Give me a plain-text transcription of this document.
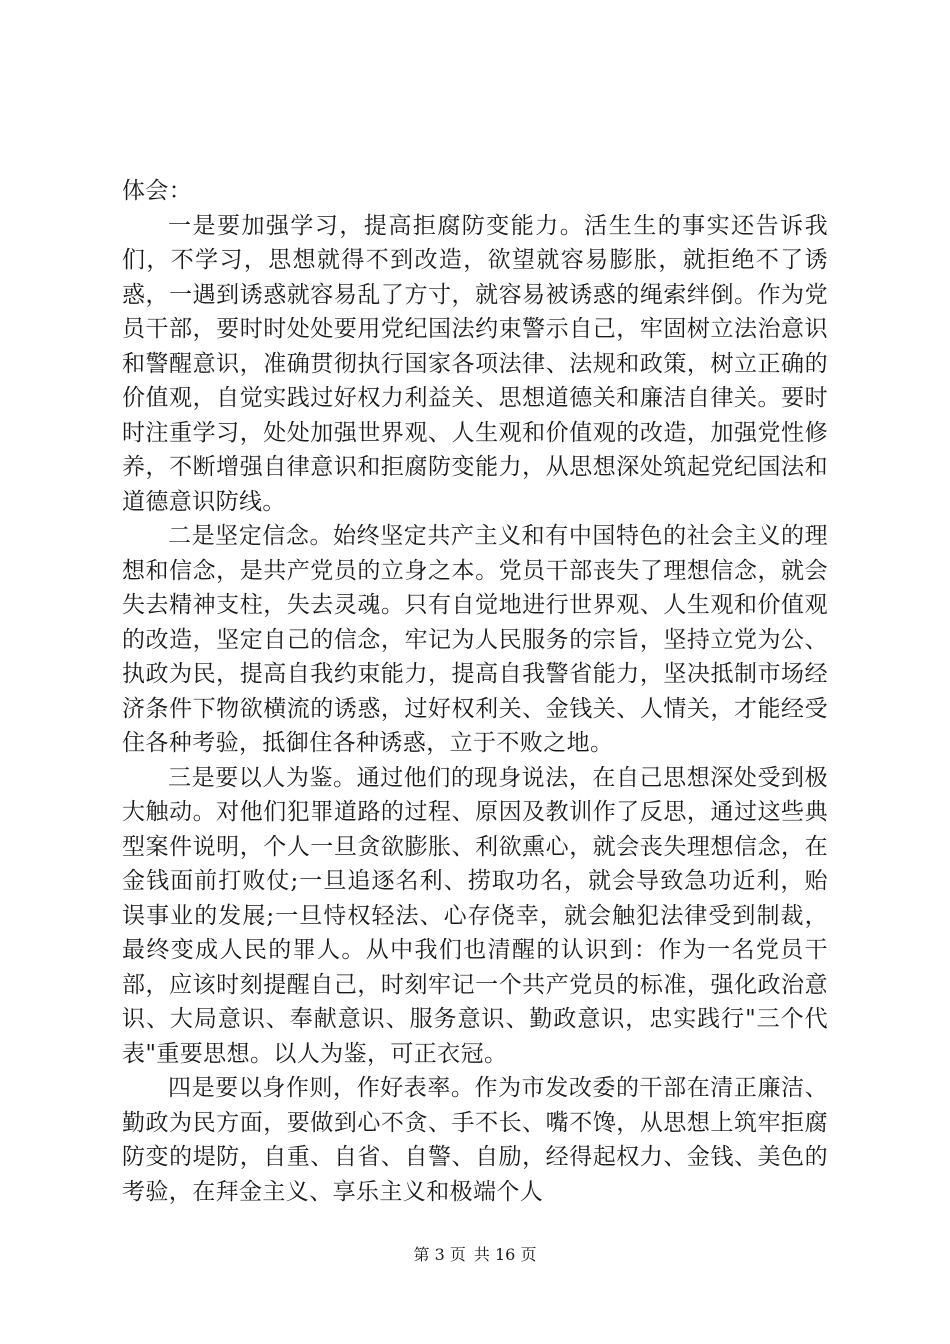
体会：

一是要加强学习，提高拒腐防变能力。活生生的事实还告诉我们，不学习，思想就得不到改造，欲望就容易膨胀，就拒绝不了诱惑，一遇到诱惑就容易乱了方寸，就容易被诱惑的绳索绊倒。作为党员干部，要时时处处要用党纪国法约束警示自己，牢固树立法治意识和警醒意识，准确贯彻执行国家各项法律、法规和政策，树立正确的价值观，自觉实践过好权力利益关、思想道德关和廉洁自律关。要时时注重学习，处处加强世界观、人生观和价值观的改造，加强党性修养，不断增强自律意识和拒腐防变能力，从思想深处筑起党纪国法和道德意识防线。

二是坚定信念。始终坚定共产主义和有中国特色的社会主义的理想和信念，是共产党员的立身之本。党员干部丧失了理想信念，就会失去精神支柱，失去灵魂。只有自觉地进行世界观、人生观和价值观的改造，坚定自己的信念，牢记为人民服务的宗旨，坚持立党为公、执政为民，提高自我约束能力，提高自我警省能力，坚决抵制市场经济条件下物欲横流的诱惑，过好权利关、金钱关、人情关，才能经受住各种考验，抵御住各种诱惑，立于不败之地。

三是要以人为鉴。通过他们的现身说法，在自己思想深处受到极大触动。对他们犯罪道路的过程、原因及教训作了反思，通过这些典型案件说明，个人一旦贪欲膨胀、利欲熏心，就会丧失理想信念，在金钱面前打败仗;一旦追逐名利、捞取功名，就会导致急功近利，贻误事业的发展;一旦恃权轻法、心存侥幸，就会触犯法律受到制裁，最终变成人民的罪人。从中我们也清醒的认识到：作为一名党员干部，应该时刻提醒自己，时刻牢记一个共产党员的标准，强化政治意识、大局意识、奉献意识、服务意识、勤政意识，忠实践行"三个代表"重要思想。以人为鉴，可正衣冠。

四是要以身作则，作好表率。作为市发改委的干部在清正廉洁、勤政为民方面，要做到心不贪、手不长、嘴不馋，从思想上筑牢拒腐防变的堤防，自重、自省、自警、自励，经得起权力、金钱、美色的考验，在拜金主义、享乐主义和极端个人

第 3 页 共 16 页
